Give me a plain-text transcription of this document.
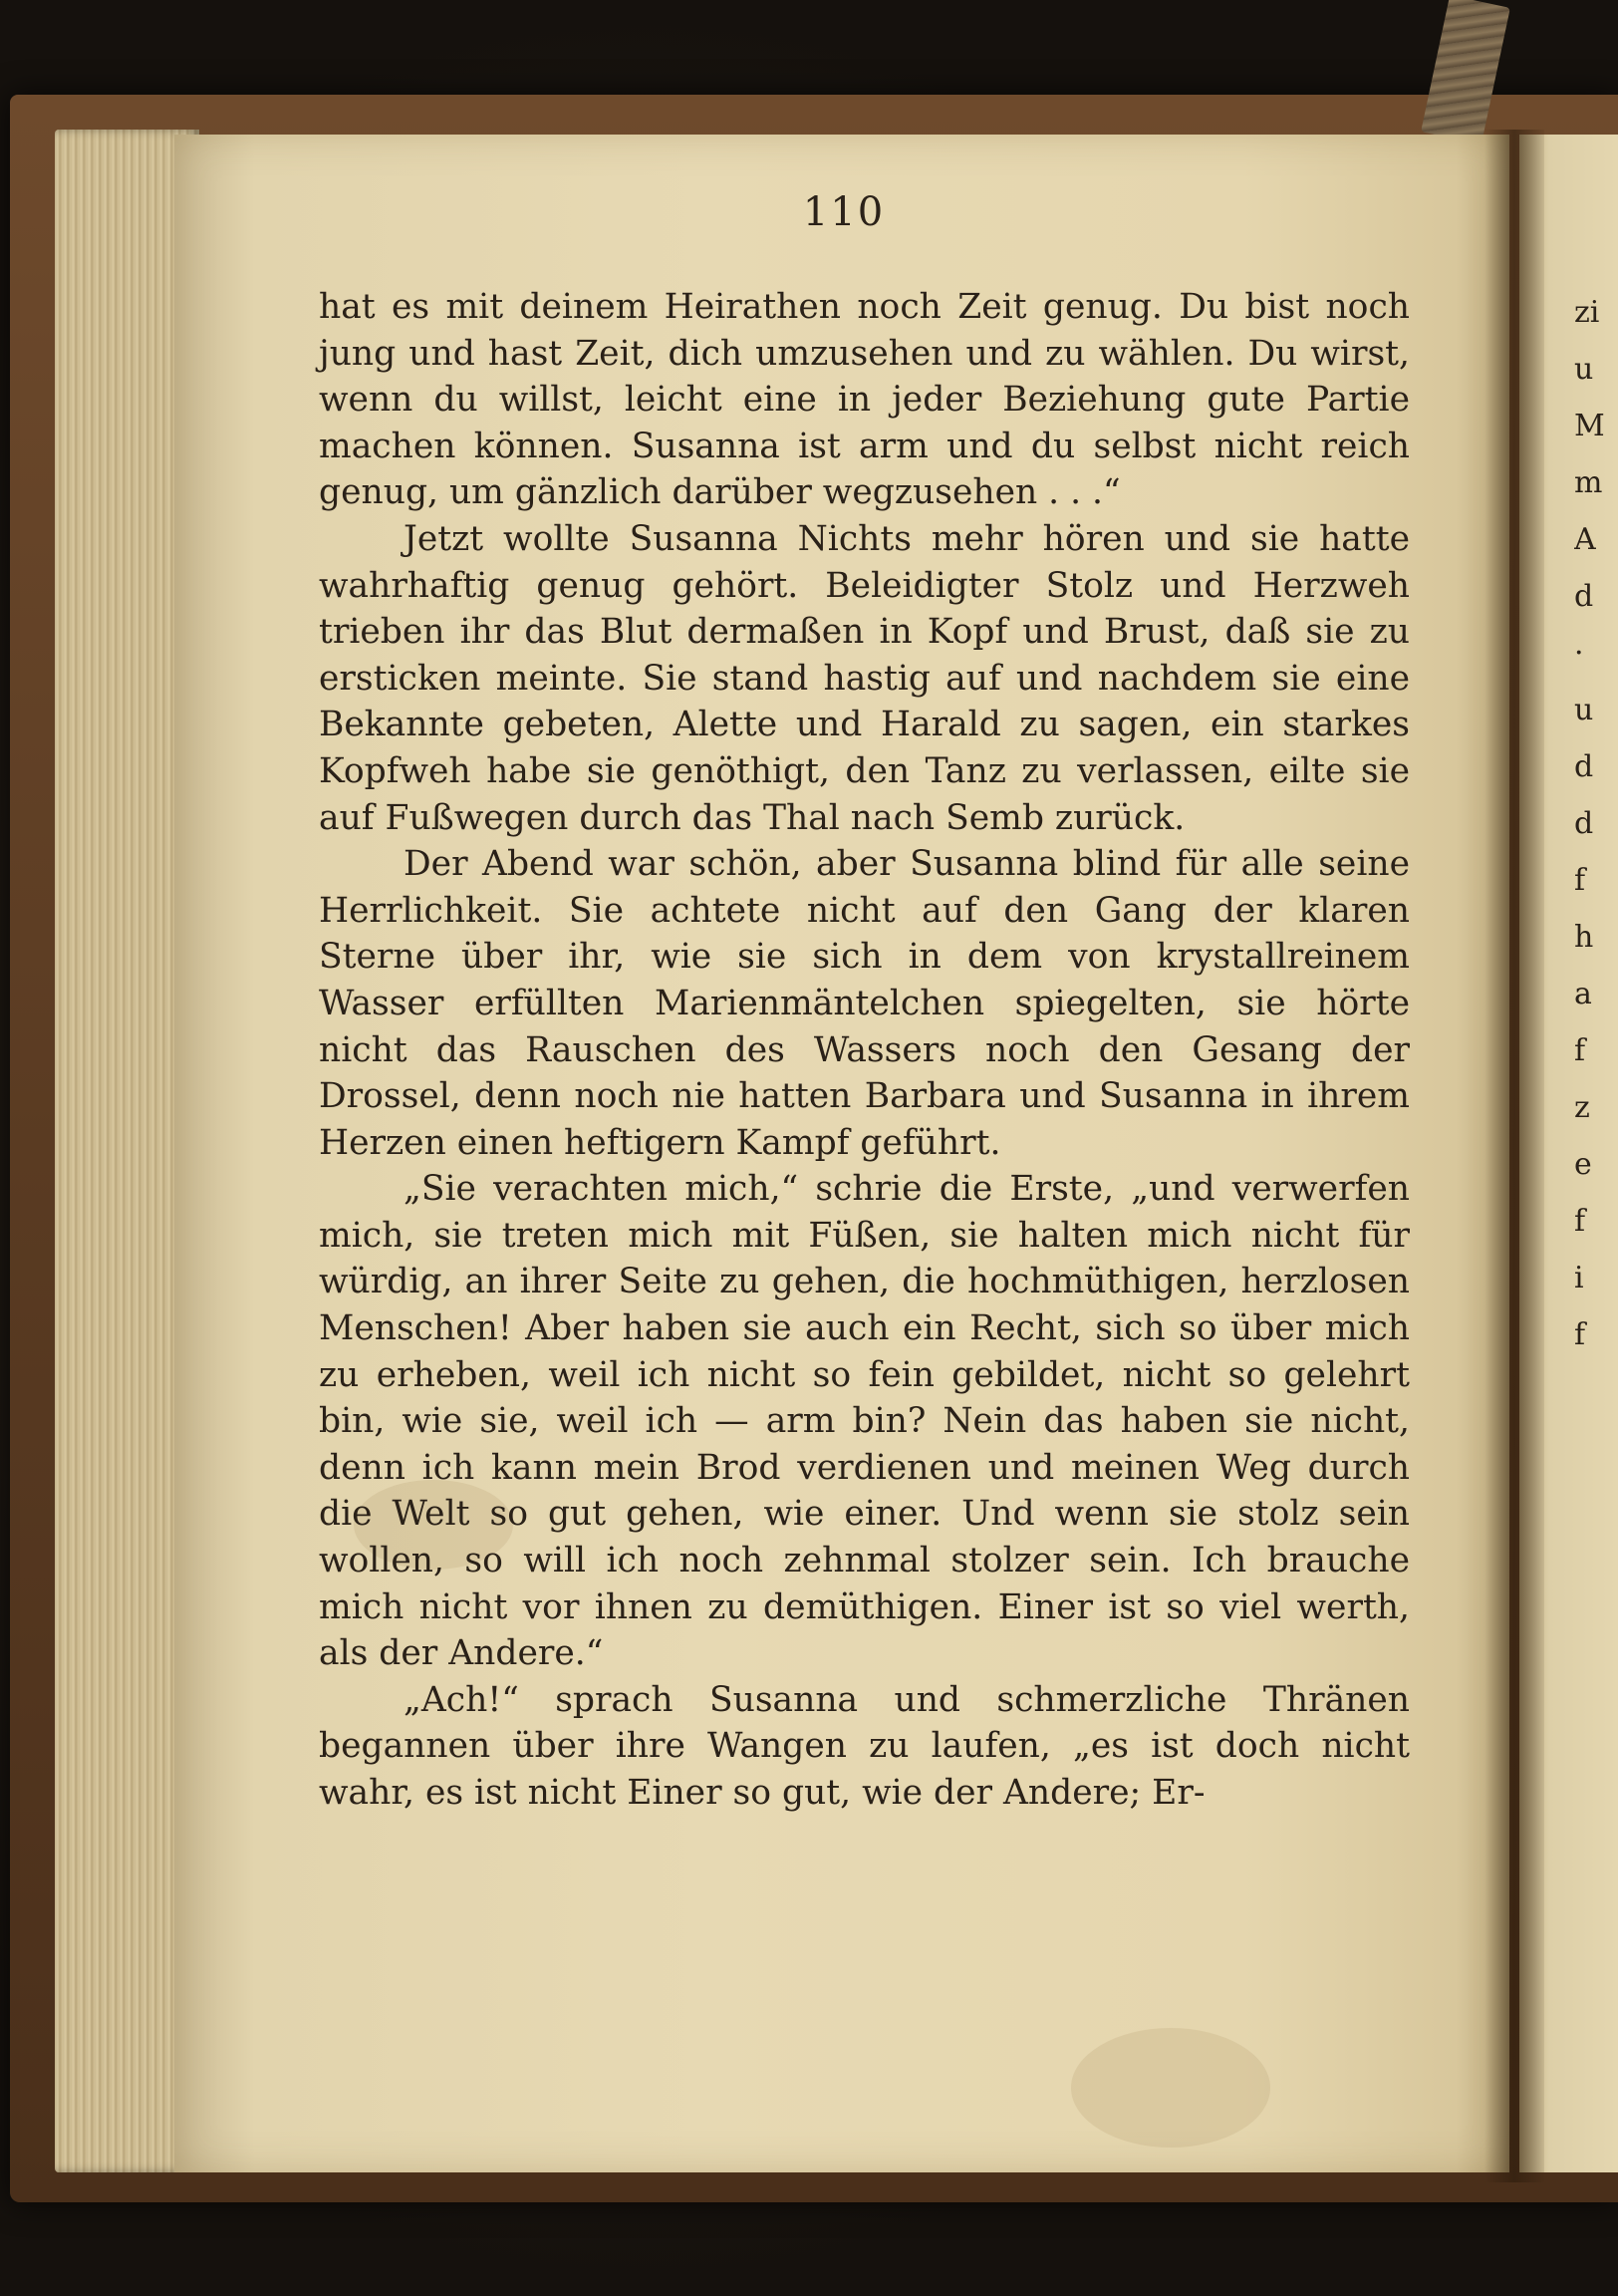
zi
u
M
m
A
d
·
u
d
d
f
h
a
f
z
e
f
i
f
110

hat es mit deinem Heirathen noch Zeit genug. Du bist noch jung und hast Zeit, dich umzusehen und zu wählen. Du wirst, wenn du willst, leicht eine in jeder Beziehung gute Partie machen können. Susanna ist arm und du selbst nicht reich genug, um gänzlich darüber wegzusehen . . .“

Jetzt wollte Susanna Nichts mehr hören und sie hatte wahrhaftig genug gehört. Beleidigter Stolz und Herzweh trieben ihr das Blut dermaßen in Kopf und Brust, daß sie zu ersticken meinte. Sie stand hastig auf und nachdem sie eine Bekannte gebeten, Alette und Harald zu sagen, ein starkes Kopfweh habe sie genöthigt, den Tanz zu verlassen, eilte sie auf Fußwegen durch das Thal nach Semb zurück.

Der Abend war schön, aber Susanna blind für alle seine Herrlichkeit. Sie achtete nicht auf den Gang der klaren Sterne über ihr, wie sie sich in dem von krystallreinem Wasser erfüllten Marienmäntelchen spiegelten, sie hörte nicht das Rauschen des Wassers noch den Gesang der Drossel, denn noch nie hatten Barbara und Susanna in ihrem Herzen einen heftigern Kampf geführt.

„Sie verachten mich,“ schrie die Erste, „und verwerfen mich, sie treten mich mit Füßen, sie halten mich nicht für würdig, an ihrer Seite zu gehen, die hochmüthigen, herzlosen Menschen! Aber haben sie auch ein Recht, sich so über mich zu erheben, weil ich nicht so fein gebildet, nicht so gelehrt bin, wie sie, weil ich — arm bin? Nein das haben sie nicht, denn ich kann mein Brod verdienen und meinen Weg durch die Welt so gut gehen, wie einer. Und wenn sie stolz sein wollen, so will ich noch zehnmal stolzer sein. Ich brauche mich nicht vor ihnen zu demüthigen. Einer ist so viel werth, als der Andere.“

„Ach!“ sprach Susanna und schmerzliche Thränen begannen über ihre Wangen zu laufen, „es ist doch nicht wahr, es ist nicht Einer so gut, wie der Andere; Er-
